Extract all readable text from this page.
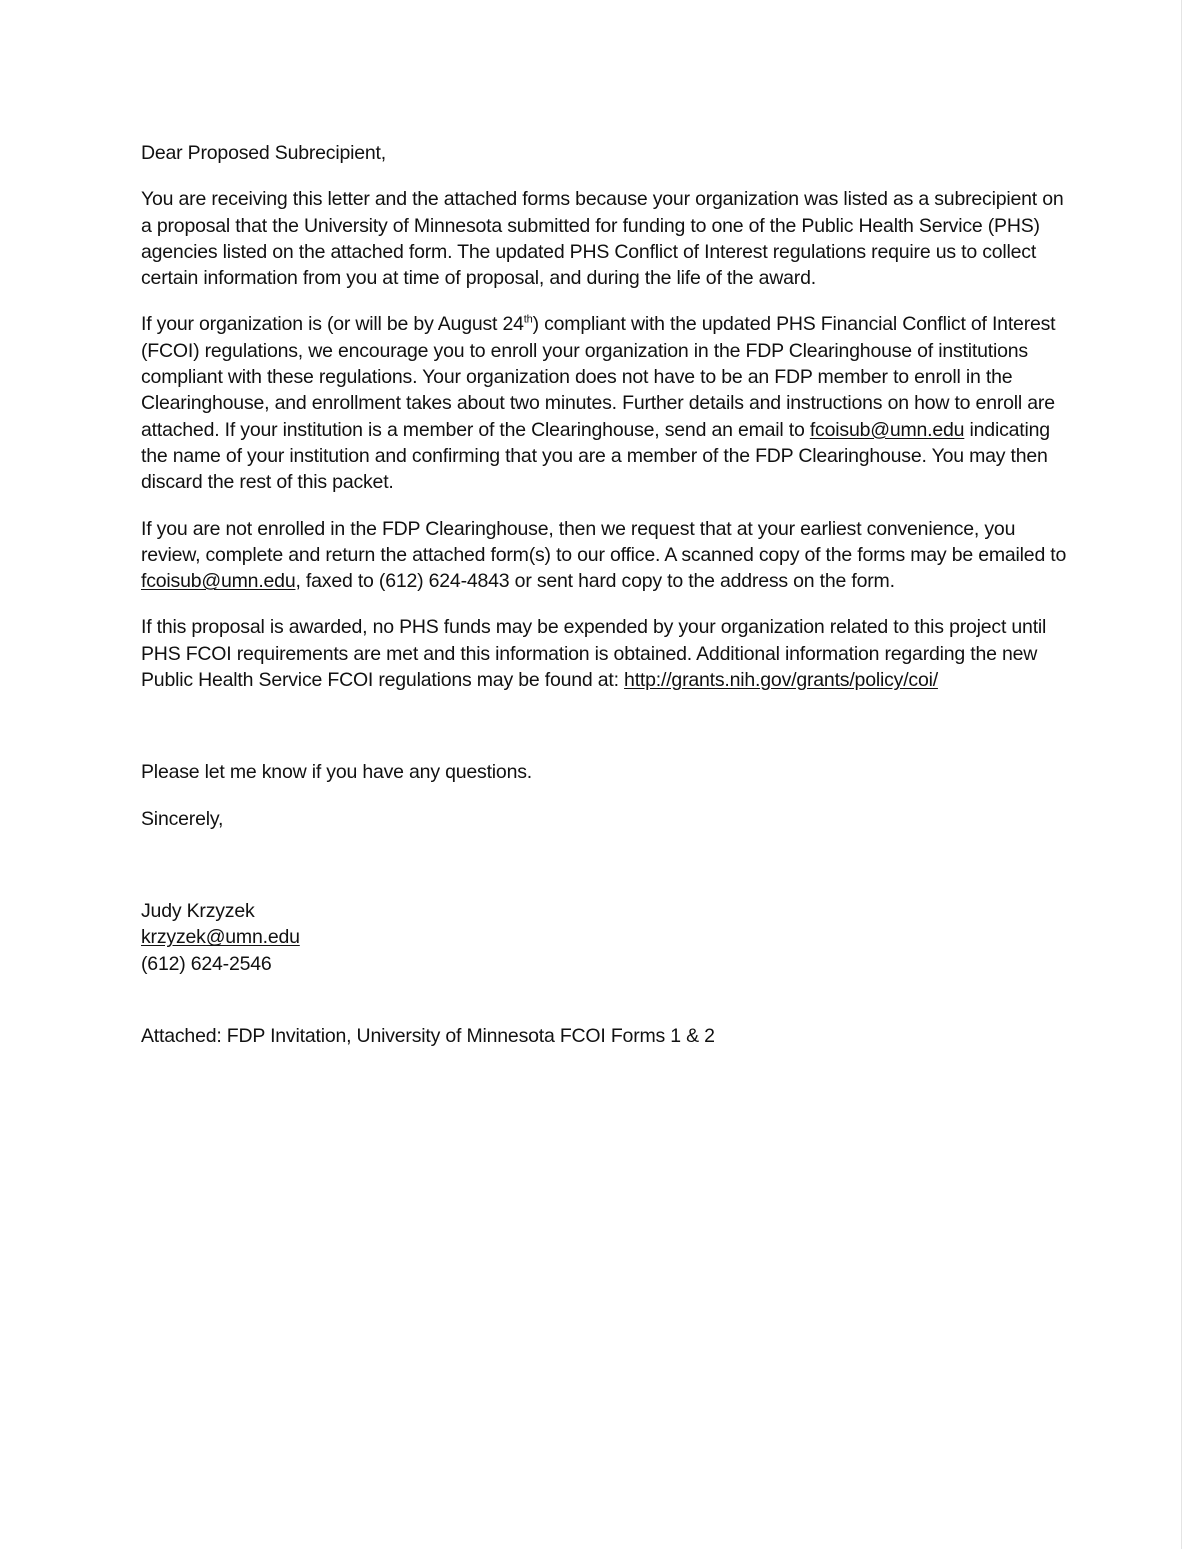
Dear Proposed Subrecipient,

You are receiving this letter and the attached forms because your organization was listed as a subrecipient on a proposal that the University of Minnesota submitted for funding to one of the Public Health Service (PHS) agencies listed on the attached form. The updated PHS Conflict of Interest regulations require us to collect certain information from you at time of proposal, and during the life of the award.

If your organization is (or will be by August 24th) compliant with the updated PHS Financial Conflict of Interest (FCOI) regulations, we encourage you to enroll your organization in the FDP Clearinghouse of institutions compliant with these regulations. Your organization does not have to be an FDP member to enroll in the Clearinghouse, and enrollment takes about two minutes. Further details and instructions on how to enroll are attached. If your institution is a member of the Clearinghouse, send an email to fcoisub@umn.edu indicating the name of your institution and confirming that you are a member of the FDP Clearinghouse. You may then discard the rest of this packet.

If you are not enrolled in the FDP Clearinghouse, then we request that at your earliest convenience, you review, complete and return the attached form(s) to our office. A scanned copy of the forms may be emailed to fcoisub@umn.edu, faxed to (612) 624-4843 or sent hard copy to the address on the form.

If this proposal is awarded, no PHS funds may be expended by your organization related to this project until PHS FCOI requirements are met and this information is obtained. Additional information regarding the new Public Health Service FCOI regulations may be found at: http://grants.nih.gov/grants/policy/coi/

Please let me know if you have any questions.

Sincerely,

Judy Krzyzek
krzyzek@umn.edu
(612) 624-2546

Attached: FDP Invitation, University of Minnesota FCOI Forms 1 & 2
